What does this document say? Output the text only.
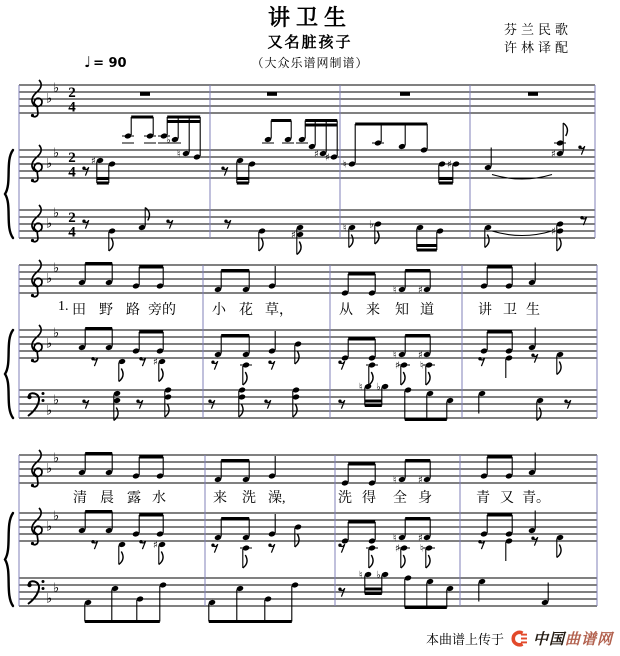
讲卫生
又名脏孩子
（大众乐谱网制谱）
芬兰民歌
许林译配
♩ = 90
♭
♭ 2
4
♭
♭ 2
4
♯
♭
♮	♯ ♯
♮	♯
♯
♭
♭ 2
4	♯
♮ ♭
♯
♭
♭
♮ ♯
♭
♭
♯
♮ ♯
♯ ♮
♭
♭
♮ ♭
♭
♭
♮ ♯
♭
♭
♯
♮ ♯
♯ ♮
♭
♭
♮ ♭
1. 田 野 路 旁的	小 花 草，	从 来 知 道	讲 卫 生
清 晨 露 水	来 洗 澡,	洗 得 全 身	青 又 青。
本曲谱上传于 中国曲谱网
